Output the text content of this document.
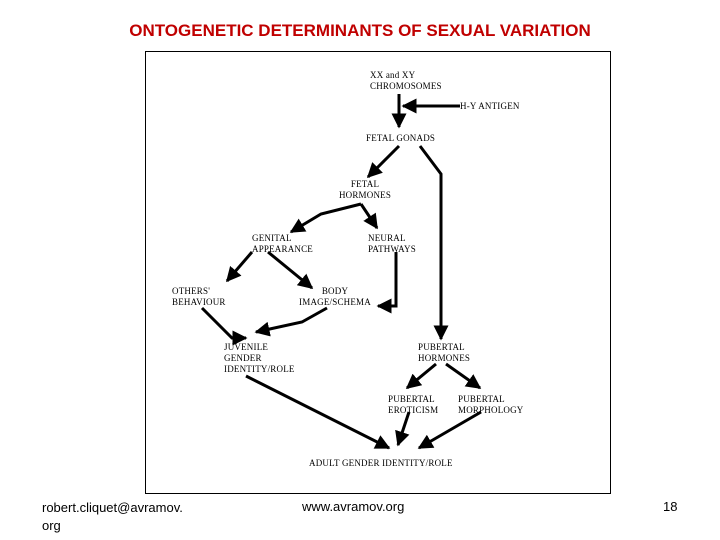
ONTOGENETIC DETERMINANTS OF SEXUAL VARIATION
XX and XY
CHROMOSOMES
H-Y ANTIGEN
FETAL GONADS
FETAL
HORMONES
GENITAL
APPEARANCE
NEURAL
PATHWAYS
OTHERS'
BEHAVIOUR
BODY
IMAGE/SCHEMA
JUVENILE
GENDER
IDENTITY/ROLE
PUBERTAL
HORMONES
PUBERTAL
EROTICISM
PUBERTAL
MORPHOLOGY
ADULT GENDER IDENTITY/ROLE
robert.cliquet@avramov.
org
www.avramov.org	18
